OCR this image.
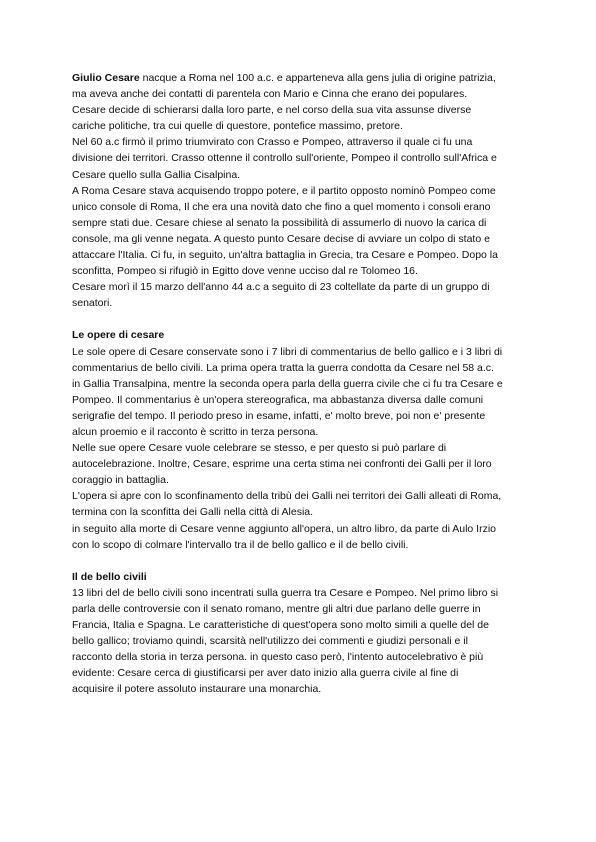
Giulio Cesare nacque a Roma nel 100 a.c. e apparteneva alla gens julia di origine patrizia,
ma aveva anche dei contatti di parentela con Mario e Cinna che erano dei populares.
Cesare decide di schierarsi dalla loro parte, e nel corso della sua vita assunse diverse
cariche politiche, tra cui quelle di questore, pontefice massimo, pretore.
Nel 60 a.c firmò il primo triumvirato con Crasso e Pompeo, attraverso il quale ci fu una
divisione dei territori. Crasso ottenne il controllo sull'oriente, Pompeo il controllo sull'Africa e
Cesare quello sulla Gallia Cisalpina.
A Roma Cesare stava acquisendo troppo potere, e il partito opposto nominò Pompeo come
unico console di Roma, Il che era una novità dato che fino a quel momento i consoli erano
sempre stati due. Cesare chiese al senato la possibilità di assumerlo di nuovo la carica di
console, ma gli venne negata. A questo punto Cesare decise di avviare un colpo di stato e
attaccare l'Italia. Ci fu, in seguito, un'altra battaglia in Grecia, tra Cesare e Pompeo. Dopo la
sconfitta, Pompeo si rifugiò in Egitto dove venne ucciso dal re Tolomeo 16.
Cesare morì il 15 marzo dell'anno 44 a.c a seguito di 23 coltellate da parte di un gruppo di
senatori.
Le opere di cesare
Le sole opere di Cesare conservate sono i 7 libri di commentarius de bello gallico e i 3 libri di
commentarius de bello civili. La prima opera tratta la guerra condotta da Cesare nel 58 a.c.
in Gallia Transalpina, mentre la seconda opera parla della guerra civile che ci fu tra Cesare e
Pompeo. Il commentarius è un'opera stereografica, ma abbastanza diversa dalle comuni
serigrafie del tempo. Il periodo preso in esame, infatti, e' molto breve, poi non e' presente
alcun proemio e il racconto è scritto in terza persona.
Nelle sue opere Cesare vuole celebrare se stesso, e per questo si può parlare di
autocelebrazione. Inoltre, Cesare, esprime una certa stima nei confronti dei Galli per il loro
coraggio in battaglia.
L'opera si apre con lo sconfinamento della tribù dei Galli nei territori dei Galli alleati di Roma,
termina con la sconfitta dei Galli nella città di Alesia.
in seguito alla morte di Cesare venne aggiunto all'opera, un altro libro, da parte di Aulo Irzio
con lo scopo di colmare l'intervallo tra il de bello gallico e il de bello civili.
Il de bello civili
13 libri del de bello civili sono incentrati sulla guerra tra Cesare e Pompeo. Nel primo libro si
parla delle controversie con il senato romano, mentre gli altri due parlano delle guerre in
Francia, Italia e Spagna. Le caratteristiche di quest'opera sono molto simili a quelle del de
bello gallico; troviamo quindi, scarsità nell'utilizzo dei commenti e giudizi personali e il
racconto della storia in terza persona. in questo caso però, l'intento autocelebrativo è più
evidente: Cesare cerca di giustificarsi per aver dato inizio alla guerra civile al fine di
acquisire il potere assoluto instaurare una monarchia.
